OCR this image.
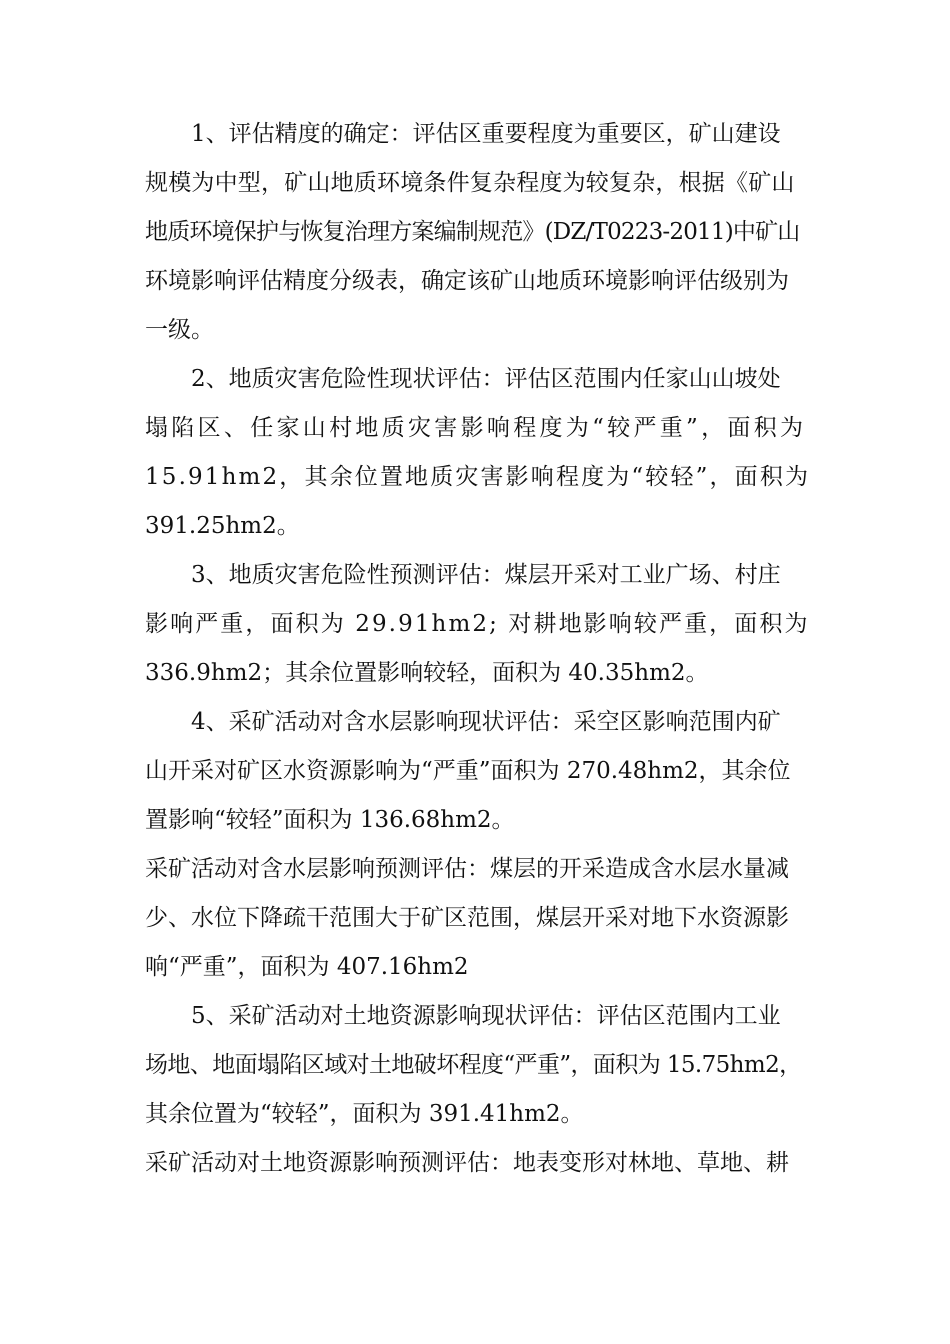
1、评估精度的确定：评估区重要程度为重要区，矿山建设
规模为中型，矿山地质环境条件复杂程度为较复杂，根据《矿山
地质环境保护与恢复治理方案编制规范》(DZ/T0223-2011)中矿山
环境影响评估精度分级表，确定该矿山地质环境影响评估级别为
一级。
2、地质灾害危险性现状评估：评估区范围内任家山山坡处
塌陷区、任家山村地质灾害影响程度为“较严重”，面积为
15.91hm2，其余位置地质灾害影响程度为“较轻”，面积为
391.25hm2。
3、地质灾害危险性预测评估：煤层开采对工业广场、村庄
影响严重，面积为 29.91hm2; 对耕地影响较严重，面积为
336.9hm2；其余位置影响较轻，面积为 40.35hm2。
4、采矿活动对含水层影响现状评估：采空区影响范围内矿
山开采对矿区水资源影响为“严重”面积为 270.48hm2，其余位
置影响“较轻”面积为 136.68hm2。
采矿活动对含水层影响预测评估：煤层的开采造成含水层水量减
少、水位下降疏干范围大于矿区范围，煤层开采对地下水资源影
响“严重”，面积为 407.16hm2
5、采矿活动对土地资源影响现状评估：评估区范围内工业
场地、地面塌陷区域对土地破坏程度“严重”，面积为 15.75hm2，
其余位置为“较轻”，面积为 391.41hm2。
采矿活动对土地资源影响预测评估：地表变形对林地、草地、耕
